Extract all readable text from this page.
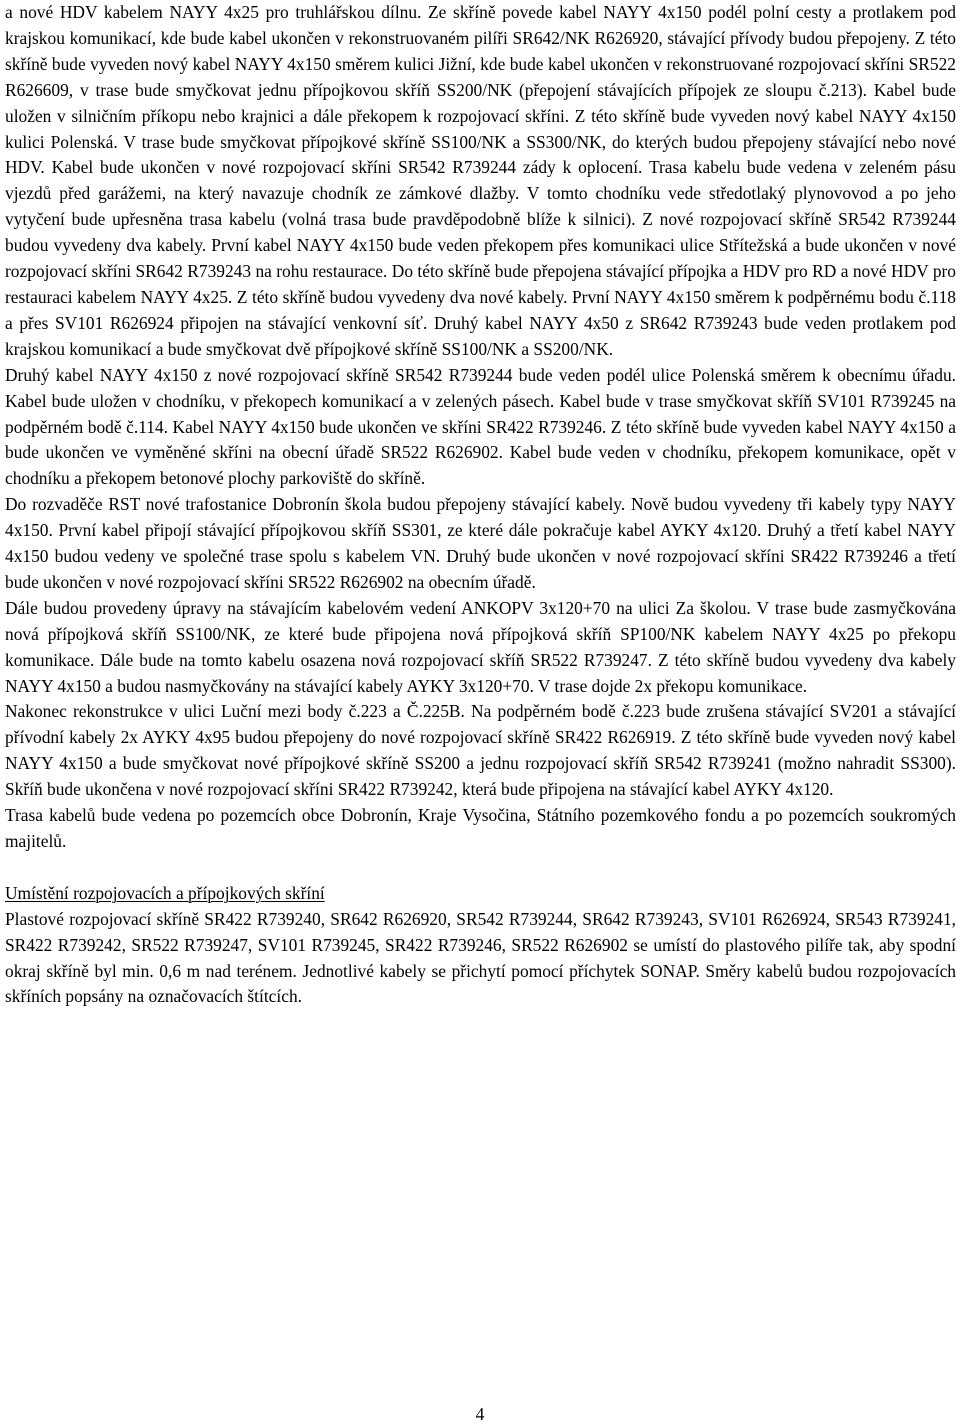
a nové HDV kabelem NAYY 4x25 pro truhlářskou dílnu. Ze skříně povede kabel NAYY 4x150 podél polní cesty a protlakem pod krajskou komunikací, kde bude kabel ukončen v rekonstruovaném pilíři SR642/NK R626920, stávající přívody budou přepojeny. Z této skříně bude vyveden nový kabel NAYY 4x150 směrem kulici Jižní, kde bude kabel ukončen v rekonstruované rozpojovací skříni SR522 R626609, v trase bude smyčkovat jednu přípojkovou skříň SS200/NK (přepojení stávajících přípojek ze sloupu č.213). Kabel bude uložen v silničním příkopu nebo krajnici a dále překopem k rozpojovací skříni. Z této skříně bude vyveden nový kabel NAYY 4x150 kulici Polenská. V trase bude smyčkovat přípojkové skříně SS100/NK a SS300/NK, do kterých budou přepojeny stávající nebo nové HDV. Kabel bude ukončen v nové rozpojovací skříni SR542 R739244 zády k oplocení. Trasa kabelu bude vedena v zeleném pásu vjezdů před garážemi, na který navazuje chodník ze zámkové dlažby. V tomto chodníku vede středotlaký plynovovod a po jeho vytyčení bude upřesněna trasa kabelu (volná trasa bude pravděpodobně blíže k silnici). Z nové rozpojovací skříně SR542 R739244 budou vyvedeny dva kabely. První kabel NAYY 4x150 bude veden překopem přes komunikaci ulice Střítežská a bude ukončen v nové rozpojovací skříni SR642 R739243 na rohu restaurace. Do této skříně bude přepojena stávající přípojka a HDV pro RD a nové HDV pro restauraci kabelem NAYY 4x25. Z této skříně budou vyvedeny dva nové kabely. První NAYY 4x150 směrem k podpěrnému bodu č.118 a přes SV101 R626924 připojen na stávající venkovní síť. Druhý kabel NAYY 4x50 z SR642 R739243 bude veden protlakem pod krajskou komunikací a bude smyčkovat dvě přípojkové skříně SS100/NK a SS200/NK.

Druhý kabel NAYY 4x150 z nové rozpojovací skříně SR542 R739244 bude veden podél ulice Polenská směrem k obecnímu úřadu. Kabel bude uložen v chodníku, v překopech komunikací a v zelených pásech. Kabel bude v trase smyčkovat skříň SV101 R739245 na podpěrném bodě č.114. Kabel NAYY 4x150 bude ukončen ve skříni SR422 R739246. Z této skříně bude vyveden kabel NAYY 4x150 a bude ukončen ve vyměněné skříni na obecní úřadě SR522 R626902. Kabel bude veden v chodníku, překopem komunikace, opět v chodníku a překopem betonové plochy parkoviště do skříně.

Do rozvaděče RST nové trafostanice Dobronín škola budou přepojeny stávající kabely. Nově budou vyvedeny tři kabely typy NAYY 4x150. První kabel připojí stávající přípojkovou skříň SS301, ze které dále pokračuje kabel AYKY 4x120. Druhý a třetí kabel NAYY 4x150 budou vedeny ve společné trase spolu s kabelem VN. Druhý bude ukončen v nové rozpojovací skříni SR422 R739246 a třetí bude ukončen v nové rozpojovací skříni SR522 R626902 na obecním úřadě.

Dále budou provedeny úpravy na stávajícím kabelovém vedení ANKOPV 3x120+70 na ulici Za školou. V trase bude zasmyčkována nová přípojková skříň SS100/NK, ze které bude připojena nová přípojková skříň SP100/NK kabelem NAYY 4x25 po překopu komunikace. Dále bude na tomto kabelu osazena nová rozpojovací skříň SR522 R739247. Z této skříně budou vyvedeny dva kabely NAYY 4x150 a budou nasmyčkovány na stávající kabely AYKY 3x120+70. V trase dojde 2x překopu komunikace.

Nakonec rekonstrukce v ulici Luční mezi body č.223 a Č.225B. Na podpěrném bodě č.223 bude zrušena stávající SV201 a stávající přívodní kabely 2x AYKY 4x95 budou přepojeny do nové rozpojovací skříně SR422 R626919. Z této skříně bude vyveden nový kabel NAYY 4x150 a bude smyčkovat nové přípojkové skříně SS200 a jednu rozpojovací skříň SR542 R739241 (možno nahradit SS300). Skříň bude ukončena v nové rozpojovací skříni SR422 R739242, která bude připojena na stávající kabel AYKY 4x120.

Trasa kabelů bude vedena po pozemcích obce Dobronín, Kraje Vysočina, Státního pozemkového fondu a po pozemcích soukromých majitelů.

Umístění rozpojovacích a přípojkových skříní

Plastové rozpojovací skříně SR422 R739240, SR642 R626920, SR542 R739244, SR642 R739243, SV101 R626924, SR543 R739241, SR422 R739242, SR522 R739247, SV101 R739245, SR422 R739246, SR522 R626902 se umístí do plastového pilíře tak, aby spodní okraj skříně byl min. 0,6 m nad terénem. Jednotlivé kabely se přichytí pomocí příchytek SONAP. Směry kabelů budou rozpojovacích skříních popsány na označovacích štítcích.

4
